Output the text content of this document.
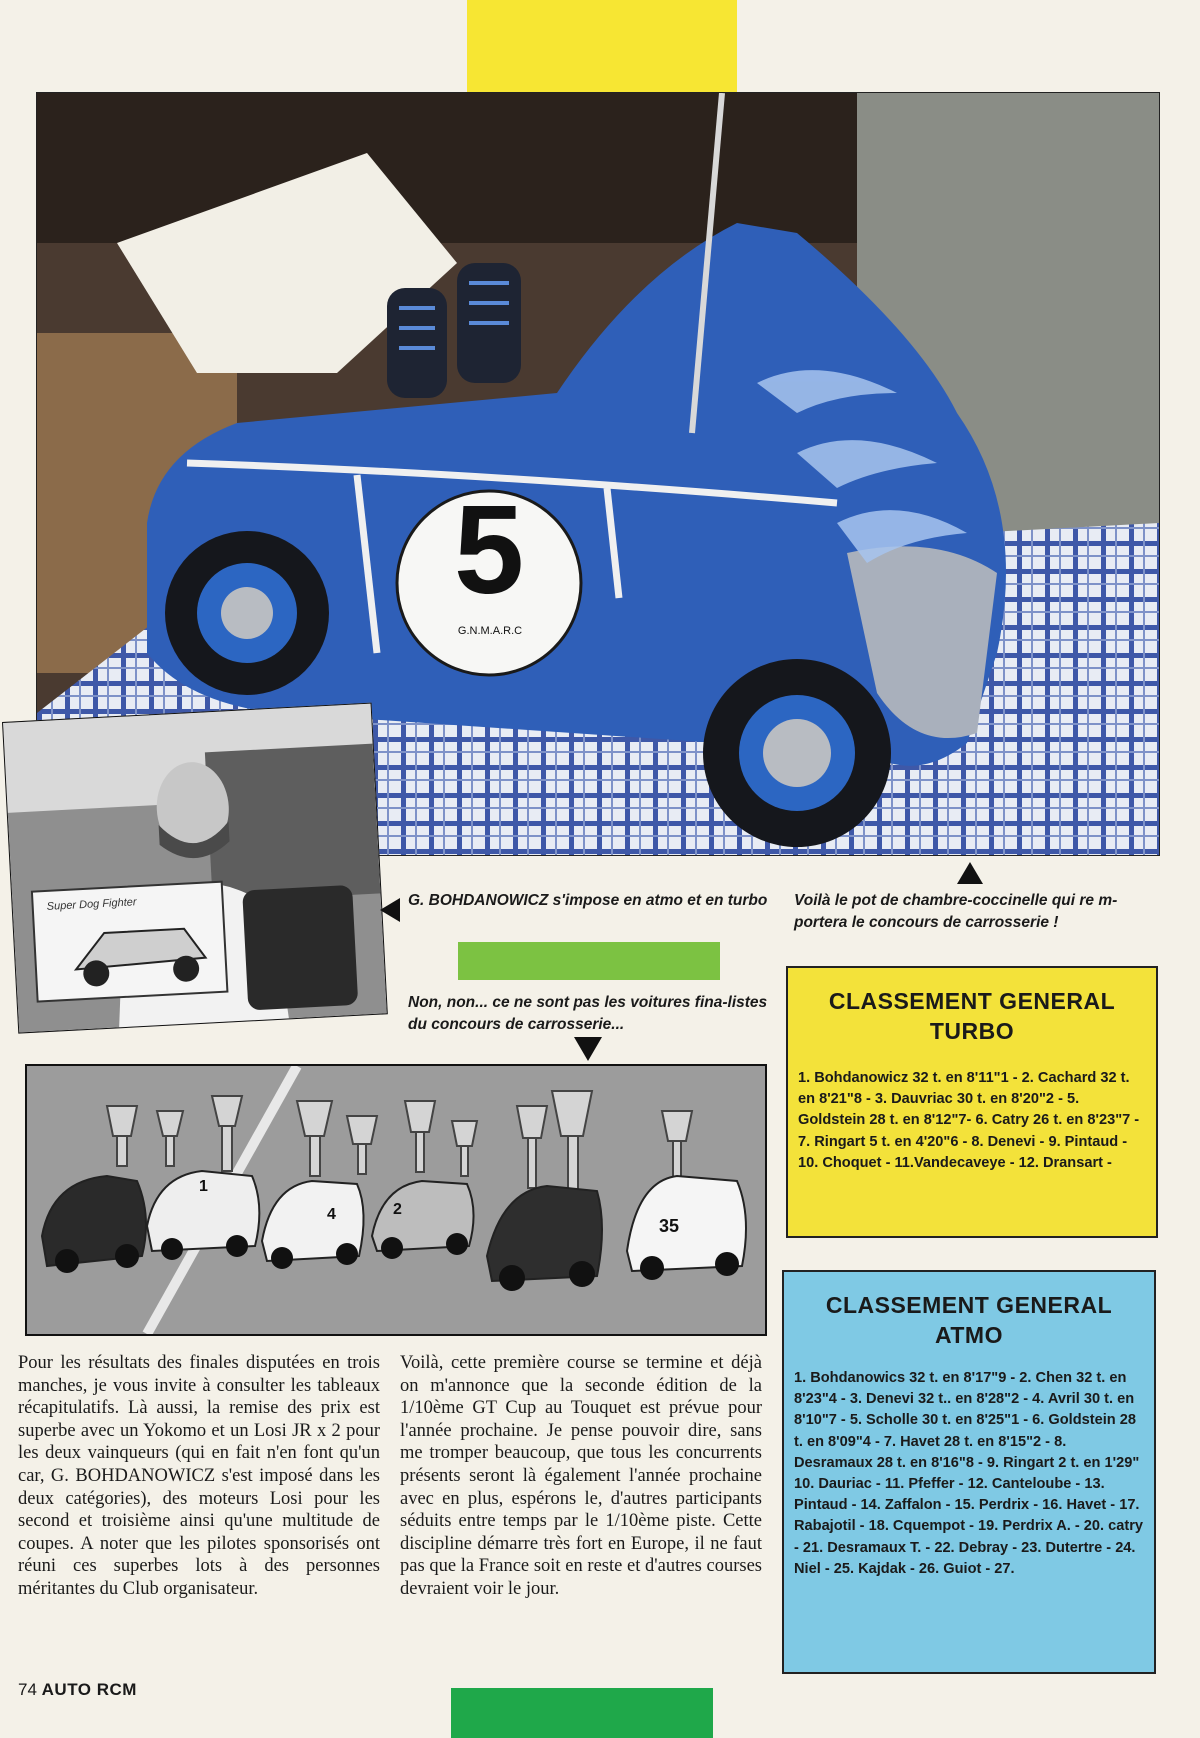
5
G.N.M.A.R.C
Super Dog Fighter	G. BOHDANOWICZ s'impose en atmo et en turbo	Voilà le pot de chambre-coccinelle qui re m-portera le concours de carrosserie !
Non, non... ce ne sont pas les voitures fina-listes du concours de carrosserie...
1
4	2
35
CLASSEMENT GENERAL
TURBO
1. Bohdanowicz 32 t. en 8'11"1 - 2. Cachard 32 t. en 8'21"8 - 3. Dauvriac 30 t. en 8'20"2 - 5. Goldstein 28 t. en 8'12"7- 6. Catry 26 t. en 8'23"7 - 7. Ringart 5 t. en 4'20"6 - 8. Denevi - 9. Pintaud - 10. Choquet - 11.Vandecaveye - 12. Dransart -
CLASSEMENT GENERAL
ATMO
1. Bohdanowics 32 t. en 8'17"9 - 2. Chen 32 t. en 8'23"4 - 3. Denevi 32 t.. en 8'28"2 - 4. Avril 30 t. en 8'10"7 - 5. Scholle 30 t. en 8'25"1 - 6. Goldstein 28 t. en 8'09"4 - 7. Havet 28 t. en 8'15"2 - 8. Desramaux 28 t. en 8'16"8 - 9. Ringart 2 t. en 1'29" 10. Dauriac - 11. Pfeffer - 12. Canteloube - 13. Pintaud - 14. Zaffalon - 15. Perdrix - 16. Havet - 17. Rabajotil - 18. Cquempot - 19. Perdrix A. - 20. catry - 21. Desramaux T. - 22. Debray - 23. Dutertre - 24. Niel - 25. Kajdak - 26. Guiot - 27.
Pour les résultats des finales disputées en trois manches, je vous invite à consulter les tableaux récapitulatifs. Là aussi, la remise des prix est superbe avec un Yokomo et un Losi JR x 2 pour les deux vainqueurs (qui en fait n'en font qu'un car, G. BOHDANOWICZ s'est imposé dans les deux catégories), des moteurs Losi pour les second et troisième ainsi qu'une multitude de coupes. A noter que les pilotes sponsorisés ont réuni ces superbes lots à des personnes méritantes du Club organisateur.
Voilà, cette première course se termine et déjà on m'annonce que la seconde édition de la 1/10ème GT Cup au Touquet est prévue pour l'année prochaine. Je pense pouvoir dire, sans me tromper beaucoup, que tous les concurrents présents seront là également l'année prochaine avec en plus, espérons le, d'autres participants séduits entre temps par le 1/10ème piste. Cette discipline démarre très fort en Europe, il ne faut pas que la France soit en reste et d'autres courses devraient voir le jour.
74 AUTO RCM
